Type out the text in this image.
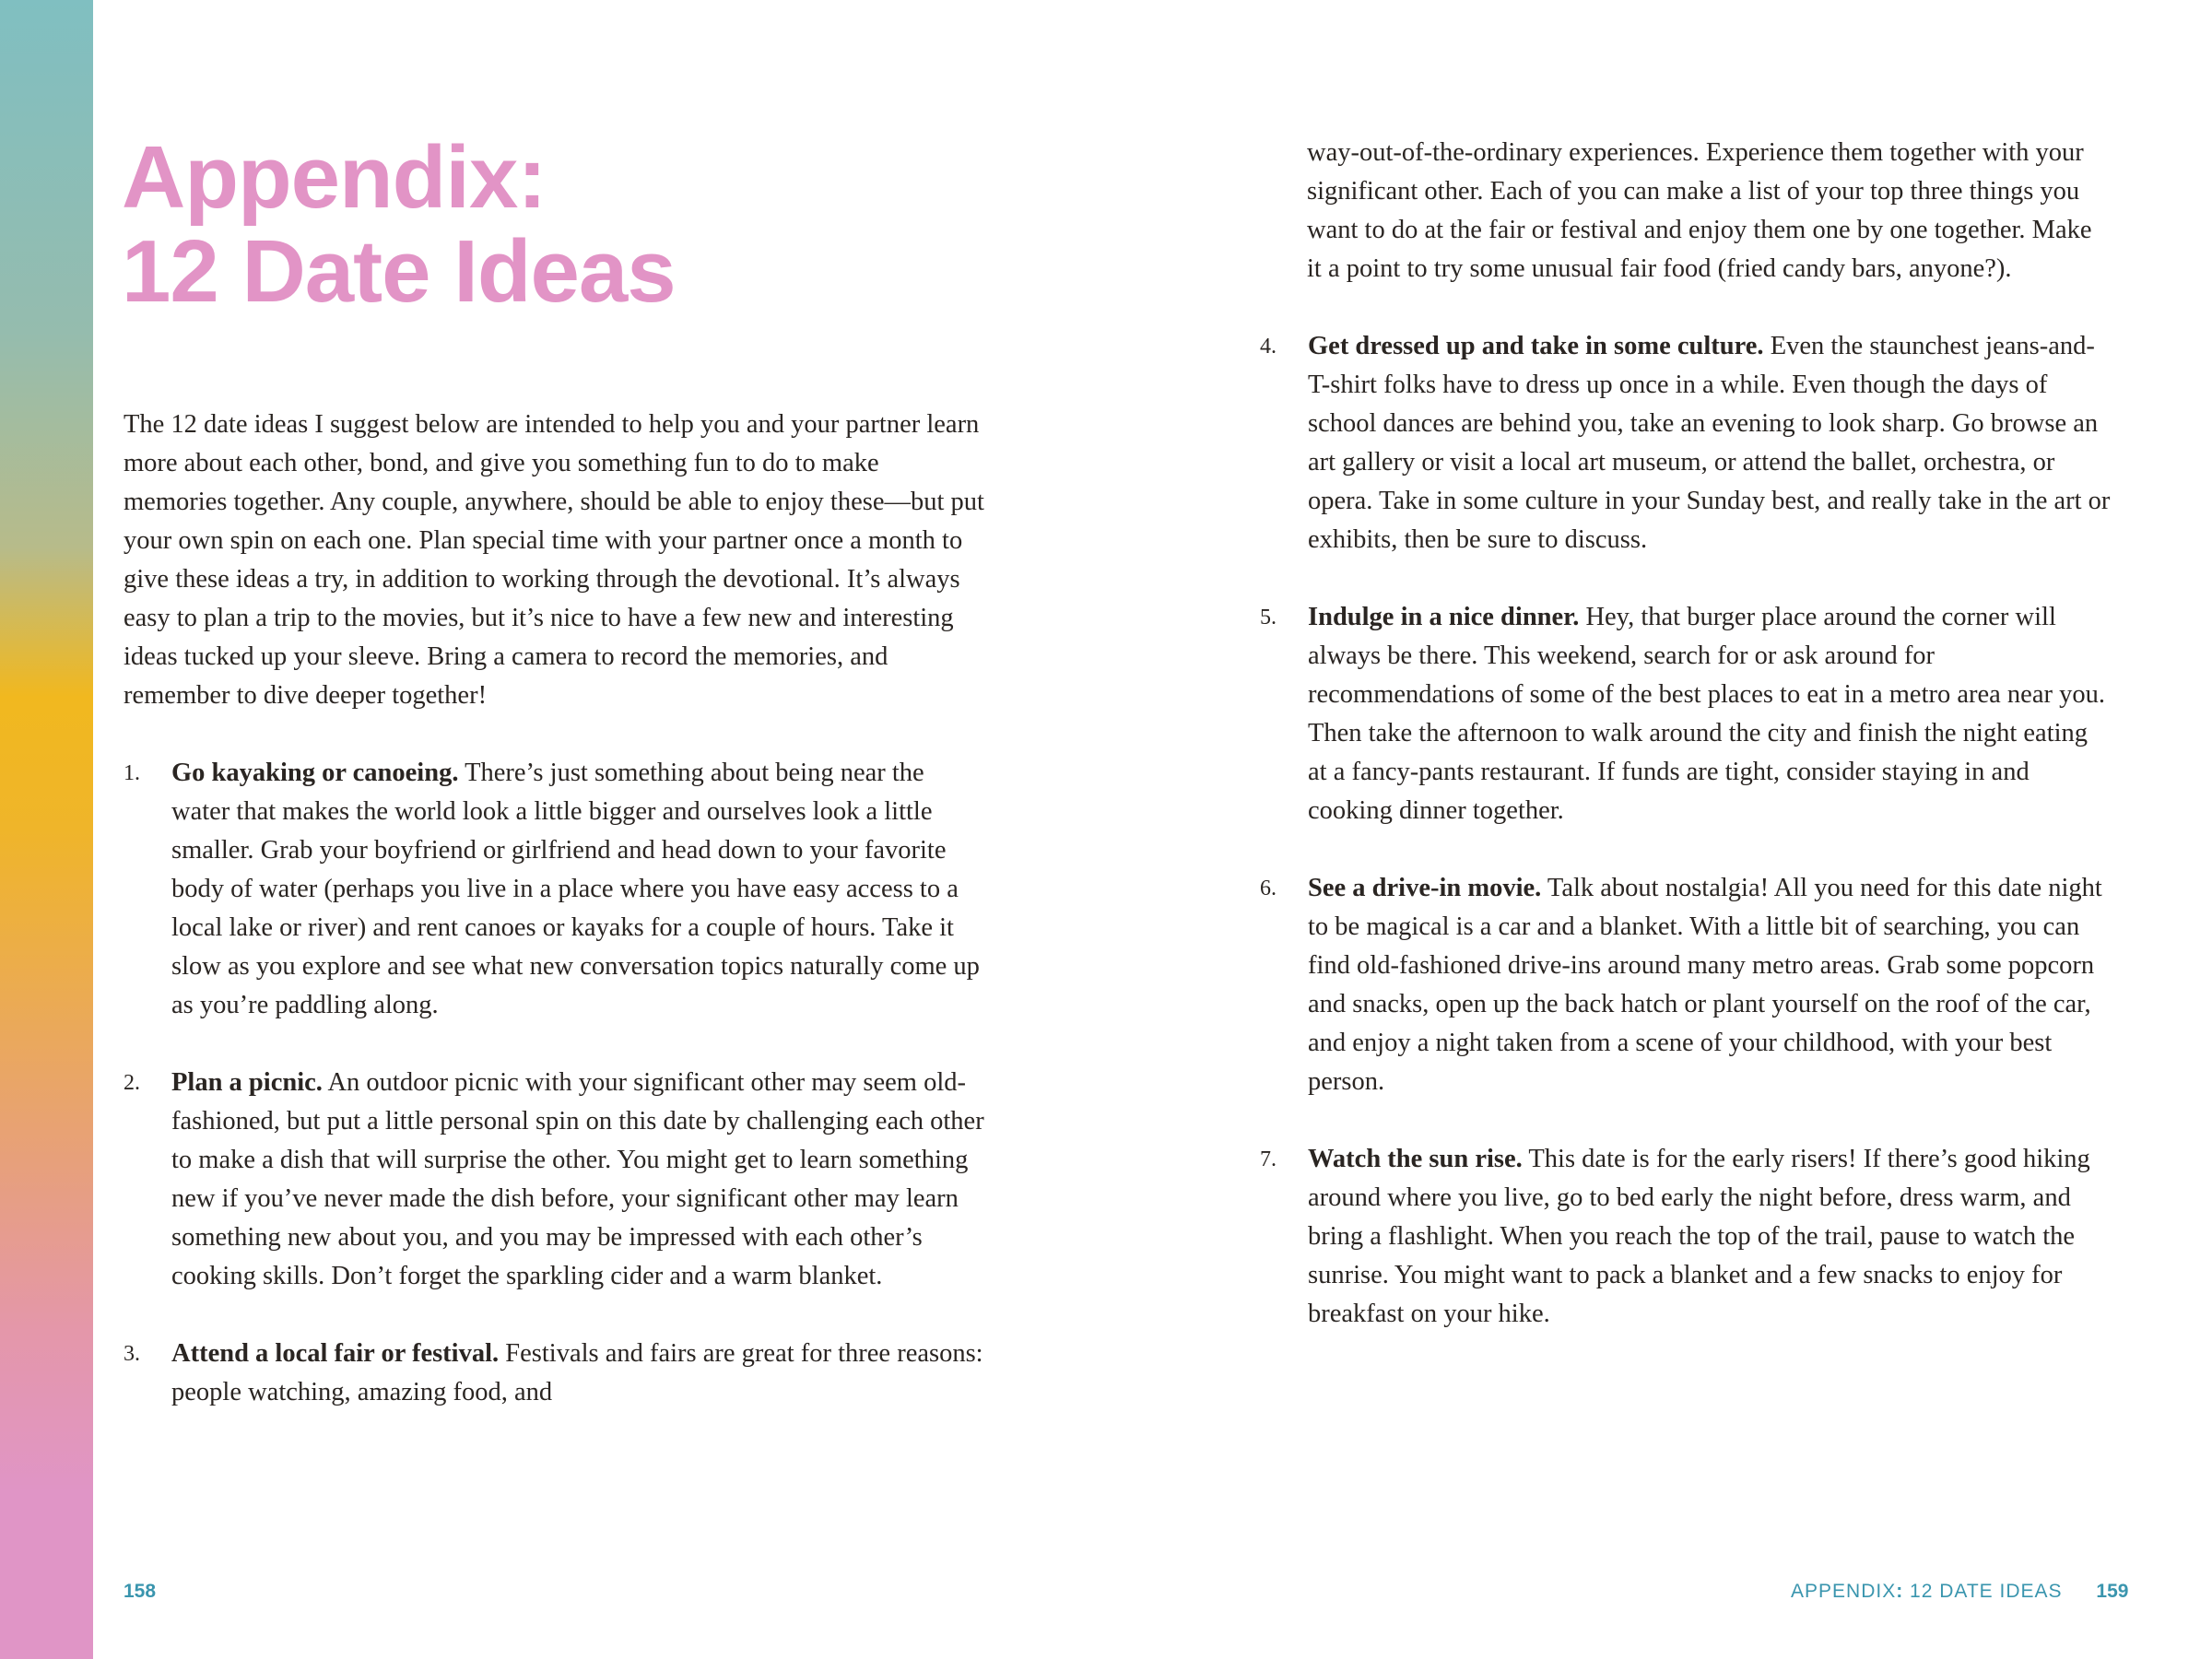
Appendix:
12 Date Ideas

The 12 date ideas I suggest below are intended to help you and your partner learn more about each other, bond, and give you something fun to do to make memories together. Any couple, anywhere, should be able to enjoy these—but put your own spin on each one. Plan special time with your partner once a month to give these ideas a try, in addition to working through the devotional. It’s always easy to plan a trip to the movies, but it’s nice to have a few new and interesting ideas tucked up your sleeve. Bring a camera to record the memories, and remember to dive deeper together!

1.	Go kayaking or canoeing. There’s just something about being near the water that makes the world look a little bigger and ourselves look a little smaller. Grab your boyfriend or girlfriend and head down to your favorite body of water (perhaps you live in a place where you have easy access to a local lake or river) and rent canoes or kayaks for a couple of hours. Take it slow as you explore and see what new conversation topics naturally come up as you’re paddling along.
2.	Plan a picnic. An outdoor picnic with your significant other may seem old-fashioned, but put a little personal spin on this date by challenging each other to make a dish that will surprise the other. You might get to learn something new if you’ve never made the dish before, your significant other may learn something new about you, and you may be impressed with each other’s cooking skills. Don’t forget the sparkling cider and a warm blanket.
3.	Attend a local fair or festival. Festivals and fairs are great for three reasons: people watching, amazing food, and

way-out-of-the-ordinary experiences. Experience them together with your significant other. Each of you can make a list of your top three things you want to do at the fair or festival and enjoy them one by one together. Make it a point to try some unusual fair food (fried candy bars, anyone?).

4.	Get dressed up and take in some culture. Even the staunchest jeans-and-T-shirt folks have to dress up once in a while. Even though the days of school dances are behind you, take an evening to look sharp. Go browse an art gallery or visit a local art museum, or attend the ballet, orchestra, or opera. Take in some culture in your Sunday best, and really take in the art or exhibits, then be sure to discuss.
5.	Indulge in a nice dinner. Hey, that burger place around the corner will always be there. This weekend, search for or ask around for recommendations of some of the best places to eat in a metro area near you. Then take the afternoon to walk around the city and finish the night eating at a fancy-pants restaurant. If funds are tight, consider staying in and cooking dinner together.
6.	See a drive-in movie. Talk about nostalgia! All you need for this date night to be magical is a car and a blanket. With a little bit of searching, you can find old-fashioned drive-ins around many metro areas. Grab some popcorn and snacks, open up the back hatch or plant yourself on the roof of the car, and enjoy a night taken from a scene of your childhood, with your best person.
7.	Watch the sun rise. This date is for the early risers! If there’s good hiking around where you live, go to bed early the night before, dress warm, and bring a flashlight. When you reach the top of the trail, pause to watch the sunrise. You might want to pack a blanket and a few snacks to enjoy for breakfast on your hike.
158	APPENDIX: 12 DATE IDEAS 159
